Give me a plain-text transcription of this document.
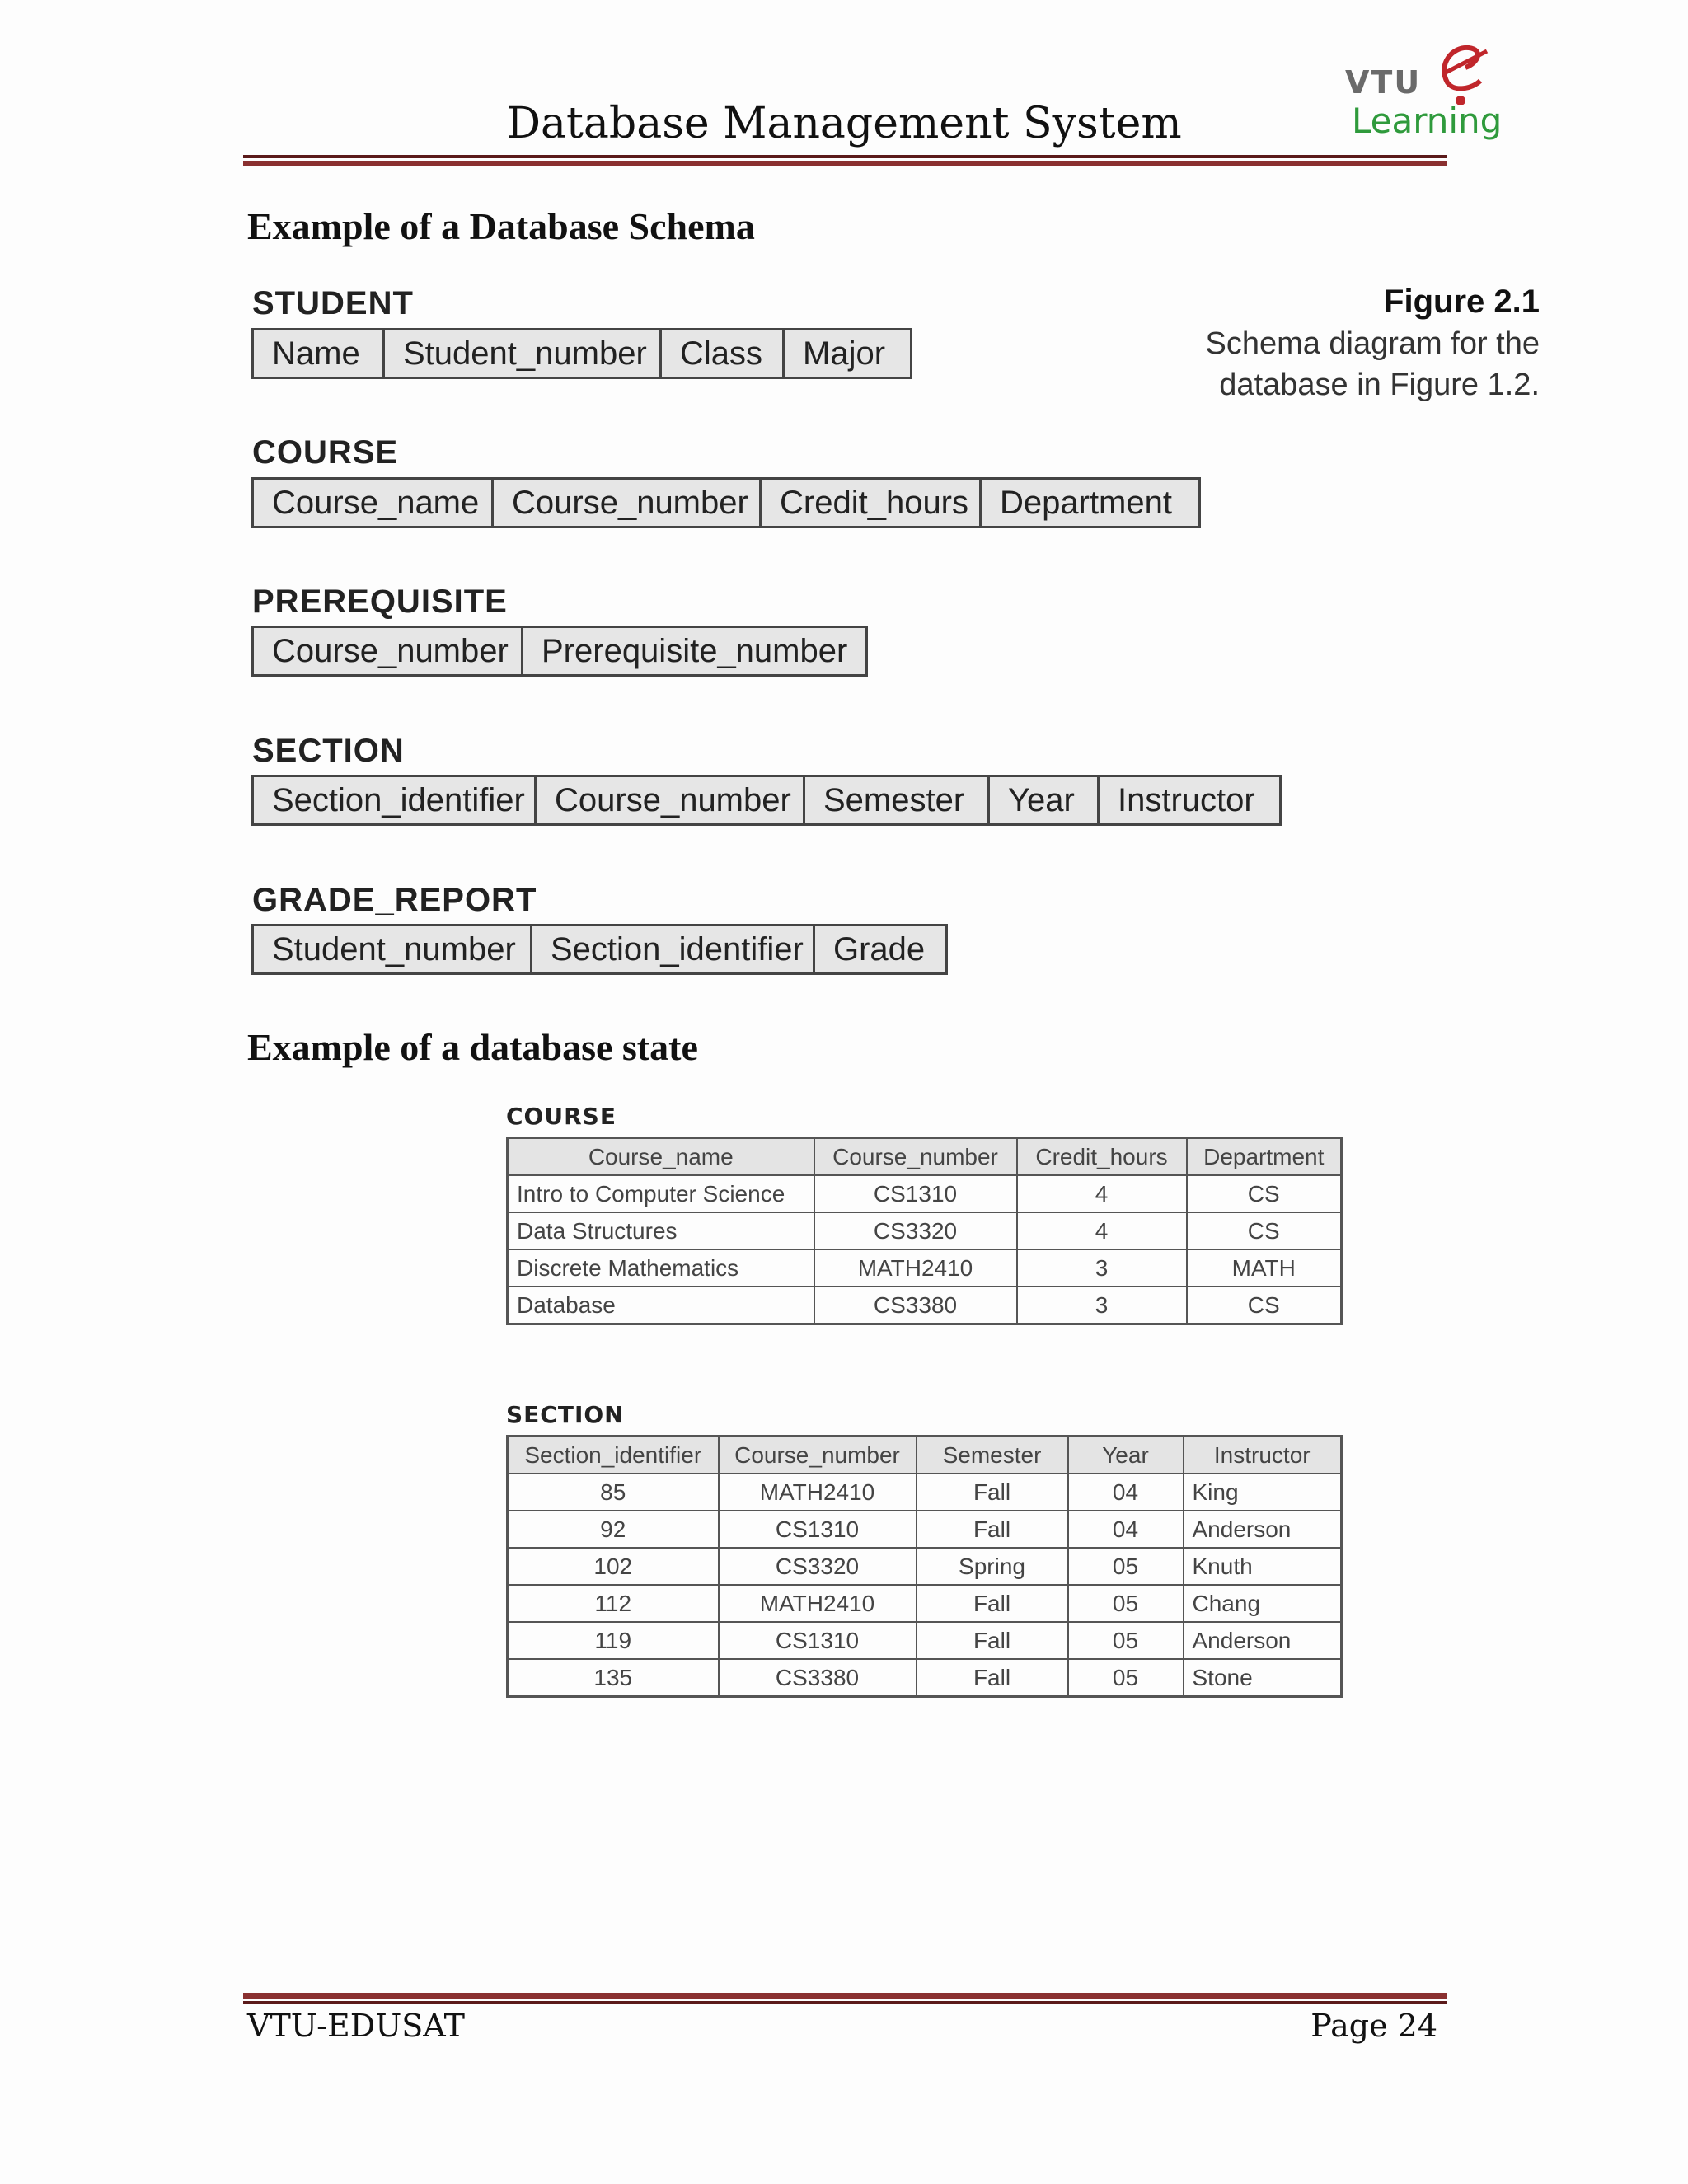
Database Management System
VTU
Learning
Example of a Database Schema
Figure 2.1
Schema diagram for the
database in Figure 1.2.
STUDENT
Name	Student_number	Class	Major
COURSE
Course_name Course_number Credit_hours Department
PREREQUISITE
Course_number	Prerequisite_number
SECTION
Section_identifier Course_number Semester	Year	Instructor
GRADE_REPORT
Student_number	Section_identifier Grade
Example of a database state
COURSE
Course_name	Course_number	Credit_hours	Department
Intro to Computer Science	CS1310	4	CS
Data Structures	CS3320	4	CS
Discrete Mathematics	MATH2410	3	MATH
Database	CS3380	3	CS
SECTION
Section_identifier	Course_number	Semester	Year	Instructor
85	MATH2410	Fall	04	King
92	CS1310	Fall	04	Anderson
102	CS3320	Spring	05	Knuth
112	MATH2410	Fall	05	Chang
119	CS1310	Fall	05	Anderson
135	CS3380	Fall	05	Stone
VTU-EDUSAT	Page 24
